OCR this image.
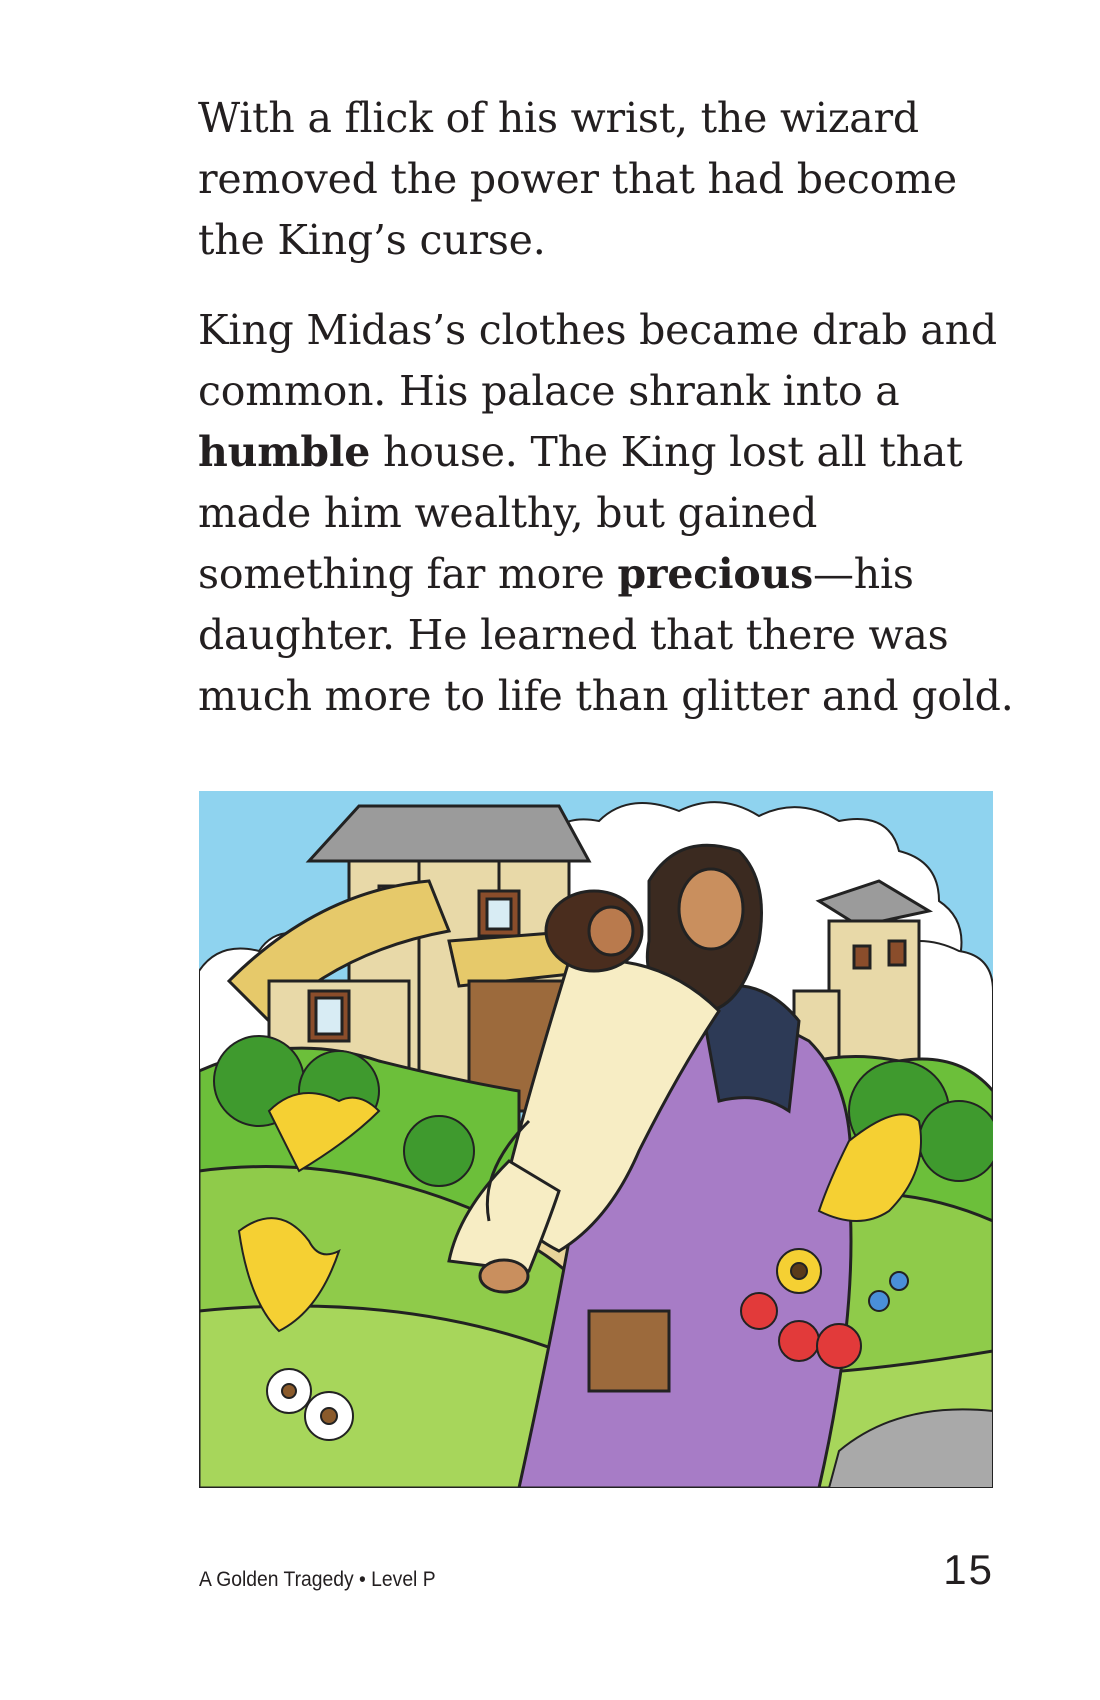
With a flick of his wrist, the wizard
removed the power that had become
the King’s curse.
King Midas’s clothes became drab and
common. His palace shrank into a
humble house. The King lost all that
made him wealthy, but gained
something far more precious—his
daughter. He learned that there was
much more to life than glitter and gold.
A Golden Tragedy • Level P	15
